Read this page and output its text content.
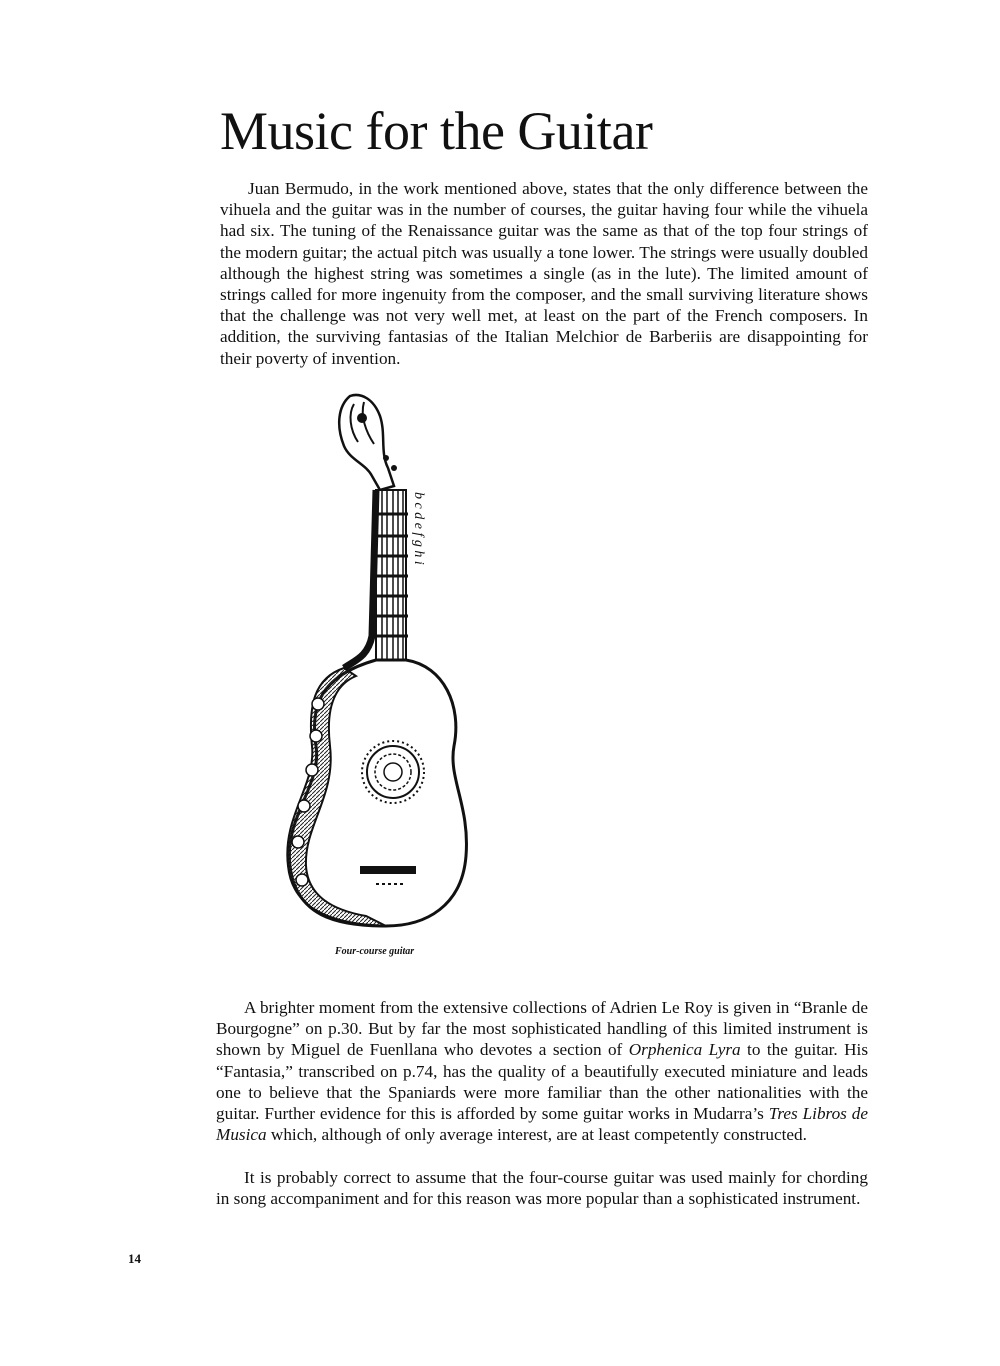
Music for the Guitar

Juan Bermudo, in the work mentioned above, states that the only difference between the vihuela and the guitar was in the number of courses, the guitar having four while the vihuela had six. The tuning of the Renaissance guitar was the same as that of the top four strings of the modern guitar; the actual pitch was usually a tone lower. The strings were usually doubled although the highest string was sometimes a single (as in the lute). The limited amount of strings called for more ingenuity from the composer, and the small surviving literature shows that the challenge was not very well met, at least on the part of the French composers. In addition, the surviving fantasias of the Italian Melchior de Barberiis are disappointing for their poverty of invention.

b c d e f g h i
Four-course guitar

A brighter moment from the extensive collections of Adrien Le Roy is given in “Branle de Bourgogne” on p.30. But by far the most sophisticated handling of this limited instrument is shown by Miguel de Fuenllana who devotes a section of Orphenica Lyra to the guitar. His “Fantasia,” transcribed on p.74, has the quality of a beautifully executed miniature and leads one to believe that the Spaniards were more familiar than the other nationalities with the guitar. Further evidence for this is afforded by some guitar works in Mudarra’s Tres Libros de Musica which, although of only average interest, are at least competently constructed.

It is probably correct to assume that the four-course guitar was used mainly for chording in song accompaniment and for this reason was more popular than a sophisticated instrument.

14
